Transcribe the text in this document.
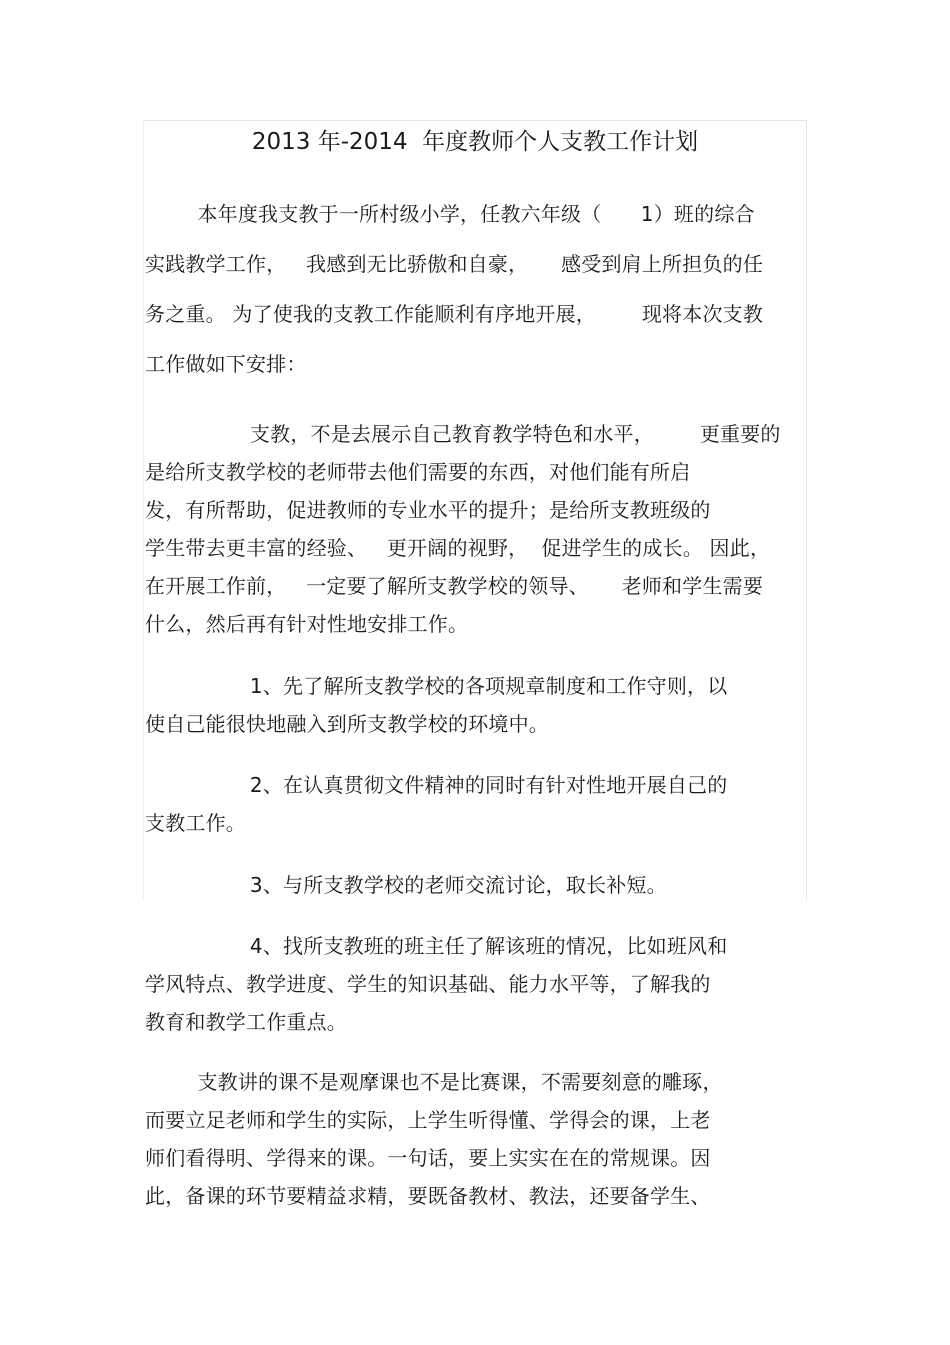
2013 年-2014  年度教师个人支教工作计划
本年度我支教于一所村级小学，任教六年级（      1）班的综合
实践教学工作，   我感到无比骄傲和自豪，     感受到肩上所担负的任
务之重。 为了使我的支教工作能顺利有序地开展，       现将本次支教
工作做如下安排：
支教，不是去展示自己教育教学特色和水平，       更重要的
是给所支教学校的老师带去他们需要的东西，对他们能有所启
发，有所帮助，促进教师的专业水平的提升；是给所支教班级的
学生带去更丰富的经验、   更开阔的视野，  促进学生的成长。 因此，
在开展工作前，   一定要了解所支教学校的领导、     老师和学生需要
什么，然后再有针对性地安排工作。
1、先了解所支教学校的各项规章制度和工作守则，以
使自己能很快地融入到所支教学校的环境中。
2、在认真贯彻文件精神的同时有针对性地开展自己的
支教工作。
3、与所支教学校的老师交流讨论，取长补短。
4、找所支教班的班主任了解该班的情况，比如班风和
学风特点、教学进度、学生的知识基础、能力水平等，了解我的
教育和教学工作重点。
支教讲的课不是观摩课也不是比赛课，不需要刻意的雕琢，
而要立足老师和学生的实际，上学生听得懂、学得会的课，上老
师们看得明、学得来的课。一句话，要上实实在在的常规课。因
此，备课的环节要精益求精，要既备教材、教法，还要备学生、
